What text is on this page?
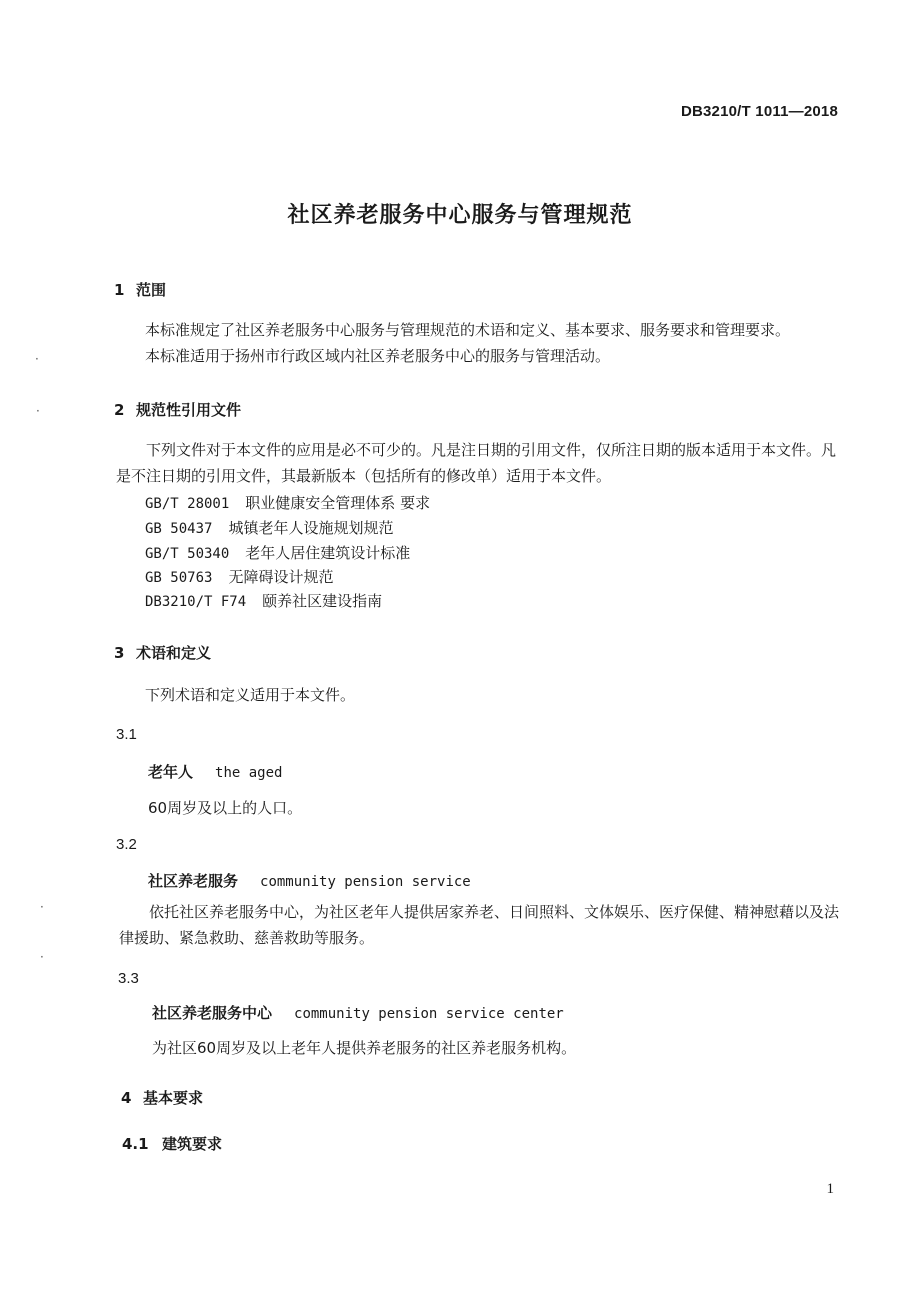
DB3210/T 1011—2018
社区养老服务中心服务与管理规范
1 范围
本标准规定了社区养老服务中心服务与管理规范的术语和定义、基本要求、服务要求和管理要求。
本标准适用于扬州市行政区域内社区养老服务中心的服务与管理活动。
2 规范性引用文件
下列文件对于本文件的应用是必不可少的。凡是注日期的引用文件，仅所注日期的版本适用于本文件。凡是不注日期的引用文件，其最新版本（包括所有的修改单）适用于本文件。
GB/T 28001 职业健康安全管理体系 要求
GB 50437 城镇老年人设施规划规范
GB/T 50340 老年人居住建筑设计标准
GB 50763 无障碍设计规范
DB3210/T F74 颐养社区建设指南
3 术语和定义
下列术语和定义适用于本文件。
3.1
老年人 the aged
60周岁及以上的人口。
3.2
社区养老服务 community pension service
依托社区养老服务中心，为社区老年人提供居家养老、日间照料、文体娱乐、医疗保健、精神慰藉以及法律援助、紧急救助、慈善救助等服务。
3.3
社区养老服务中心 community pension service center
为社区60周岁及以上老年人提供养老服务的社区养老服务机构。
4 基本要求
4.1 建筑要求
1
·
·
·
·
